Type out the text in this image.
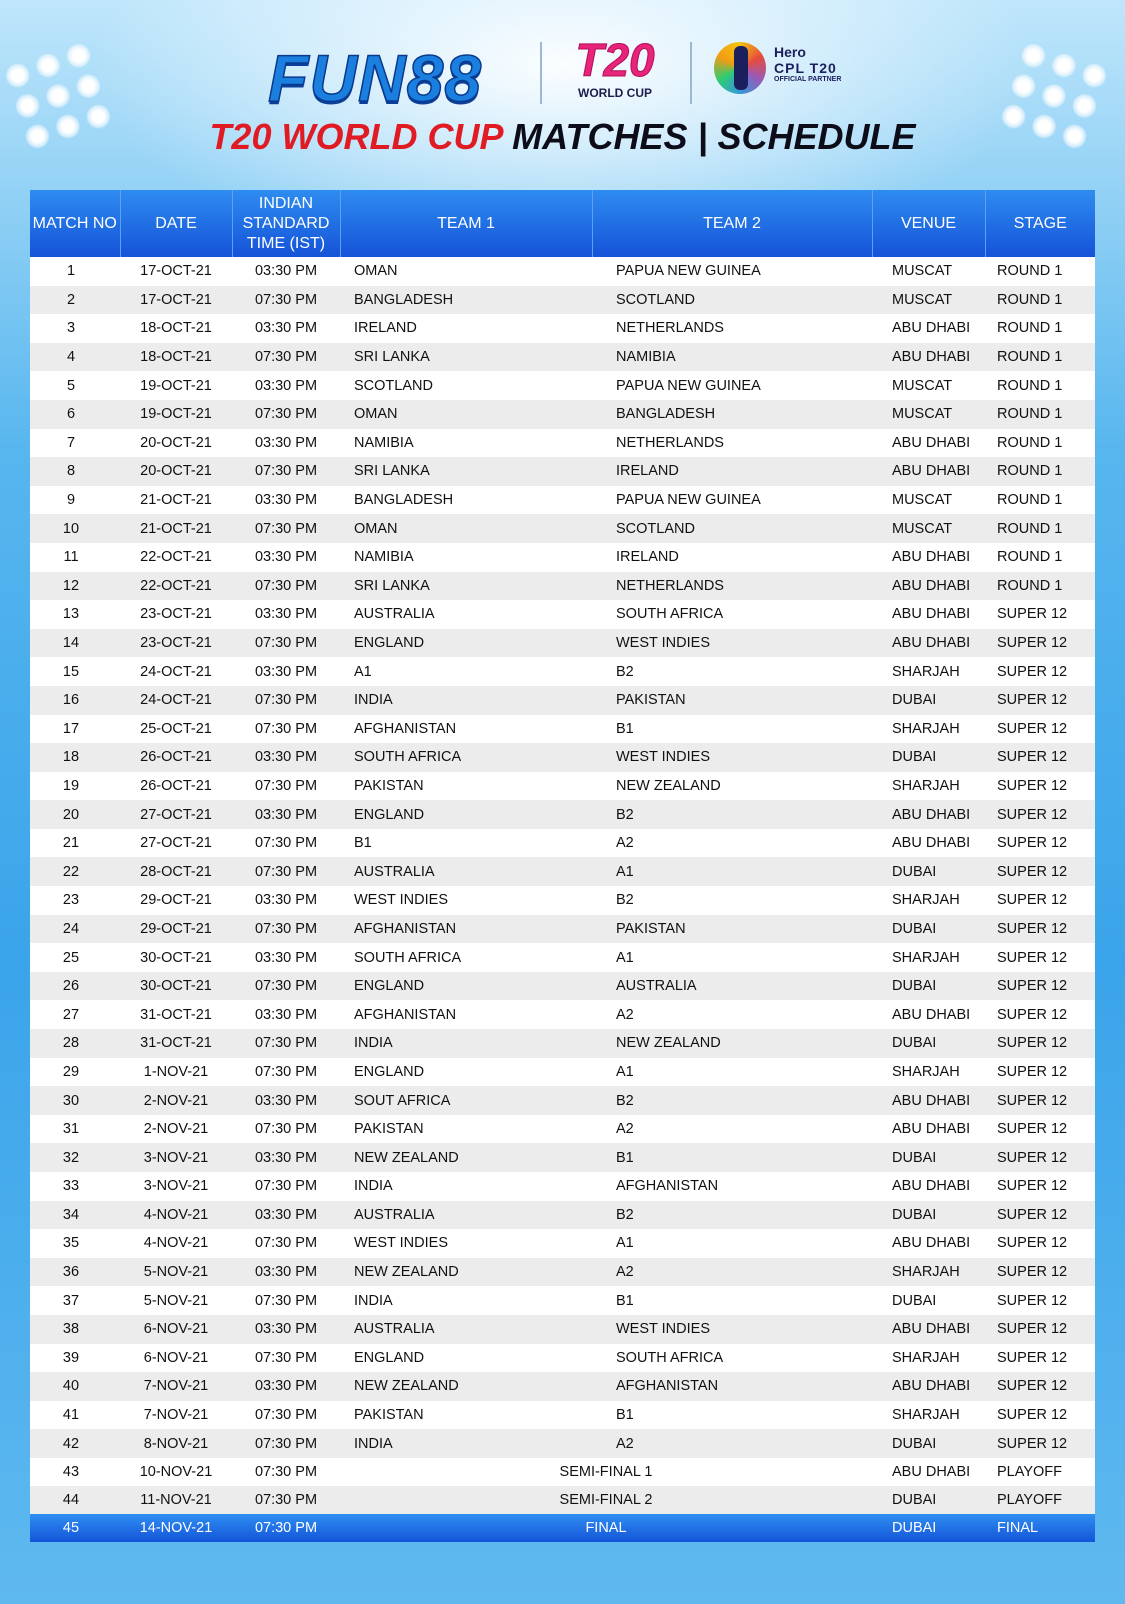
FUN88	T20
WORLD CUP
Hero
CPL T20
OFFICIAL PARTNER
T20 WORLD CUP MATCHES | SCHEDULE
MATCH NO	DATE	INDIAN STANDARD TIME (IST)	TEAM 1	TEAM 2	VENUE	STAGE
1	17-OCT-21	03:30 PM	OMAN	PAPUA NEW GUINEA	MUSCAT	ROUND 1
2	17-OCT-21	07:30 PM	BANGLADESH	SCOTLAND	MUSCAT	ROUND 1
3	18-OCT-21	03:30 PM	IRELAND	NETHERLANDS	ABU DHABI	ROUND 1
4	18-OCT-21	07:30 PM	SRI LANKA	NAMIBIA	ABU DHABI	ROUND 1
5	19-OCT-21	03:30 PM	SCOTLAND	PAPUA NEW GUINEA	MUSCAT	ROUND 1
6	19-OCT-21	07:30 PM	OMAN	BANGLADESH	MUSCAT	ROUND 1
7	20-OCT-21	03:30 PM	NAMIBIA	NETHERLANDS	ABU DHABI	ROUND 1
8	20-OCT-21	07:30 PM	SRI LANKA	IRELAND	ABU DHABI	ROUND 1
9	21-OCT-21	03:30 PM	BANGLADESH	PAPUA NEW GUINEA	MUSCAT	ROUND 1
10	21-OCT-21	07:30 PM	OMAN	SCOTLAND	MUSCAT	ROUND 1
11	22-OCT-21	03:30 PM	NAMIBIA	IRELAND	ABU DHABI	ROUND 1
12	22-OCT-21	07:30 PM	SRI LANKA	NETHERLANDS	ABU DHABI	ROUND 1
13	23-OCT-21	03:30 PM	AUSTRALIA	SOUTH AFRICA	ABU DHABI	SUPER 12
14	23-OCT-21	07:30 PM	ENGLAND	WEST INDIES	ABU DHABI	SUPER 12
15	24-OCT-21	03:30 PM	A1	B2	SHARJAH	SUPER 12
16	24-OCT-21	07:30 PM	INDIA	PAKISTAN	DUBAI	SUPER 12
17	25-OCT-21	07:30 PM	AFGHANISTAN	B1	SHARJAH	SUPER 12
18	26-OCT-21	03:30 PM	SOUTH AFRICA	WEST INDIES	DUBAI	SUPER 12
19	26-OCT-21	07:30 PM	PAKISTAN	NEW ZEALAND	SHARJAH	SUPER 12
20	27-OCT-21	03:30 PM	ENGLAND	B2	ABU DHABI	SUPER 12
21	27-OCT-21	07:30 PM	B1	A2	ABU DHABI	SUPER 12
22	28-OCT-21	07:30 PM	AUSTRALIA	A1	DUBAI	SUPER 12
23	29-OCT-21	03:30 PM	WEST INDIES	B2	SHARJAH	SUPER 12
24	29-OCT-21	07:30 PM	AFGHANISTAN	PAKISTAN	DUBAI	SUPER 12
25	30-OCT-21	03:30 PM	SOUTH AFRICA	A1	SHARJAH	SUPER 12
26	30-OCT-21	07:30 PM	ENGLAND	AUSTRALIA	DUBAI	SUPER 12
27	31-OCT-21	03:30 PM	AFGHANISTAN	A2	ABU DHABI	SUPER 12
28	31-OCT-21	07:30 PM	INDIA	NEW ZEALAND	DUBAI	SUPER 12
29	1-NOV-21	07:30 PM	ENGLAND	A1	SHARJAH	SUPER 12
30	2-NOV-21	03:30 PM	SOUT AFRICA	B2	ABU DHABI	SUPER 12
31	2-NOV-21	07:30 PM	PAKISTAN	A2	ABU DHABI	SUPER 12
32	3-NOV-21	03:30 PM	NEW ZEALAND	B1	DUBAI	SUPER 12
33	3-NOV-21	07:30 PM	INDIA	AFGHANISTAN	ABU DHABI	SUPER 12
34	4-NOV-21	03:30 PM	AUSTRALIA	B2	DUBAI	SUPER 12
35	4-NOV-21	07:30 PM	WEST INDIES	A1	ABU DHABI	SUPER 12
36	5-NOV-21	03:30 PM	NEW ZEALAND	A2	SHARJAH	SUPER 12
37	5-NOV-21	07:30 PM	INDIA	B1	DUBAI	SUPER 12
38	6-NOV-21	03:30 PM	AUSTRALIA	WEST INDIES	ABU DHABI	SUPER 12
39	6-NOV-21	07:30 PM	ENGLAND	SOUTH AFRICA	SHARJAH	SUPER 12
40	7-NOV-21	03:30 PM	NEW ZEALAND	AFGHANISTAN	ABU DHABI	SUPER 12
41	7-NOV-21	07:30 PM	PAKISTAN	B1	SHARJAH	SUPER 12
42	8-NOV-21	07:30 PM	INDIA	A2	DUBAI	SUPER 12
43	10-NOV-21	07:30 PM	SEMI-FINAL 1		ABU DHABI	PLAYOFF
44	11-NOV-21	07:30 PM	SEMI-FINAL 2		DUBAI	PLAYOFF
45	14-NOV-21	07:30 PM	FINAL		DUBAI	FINAL
